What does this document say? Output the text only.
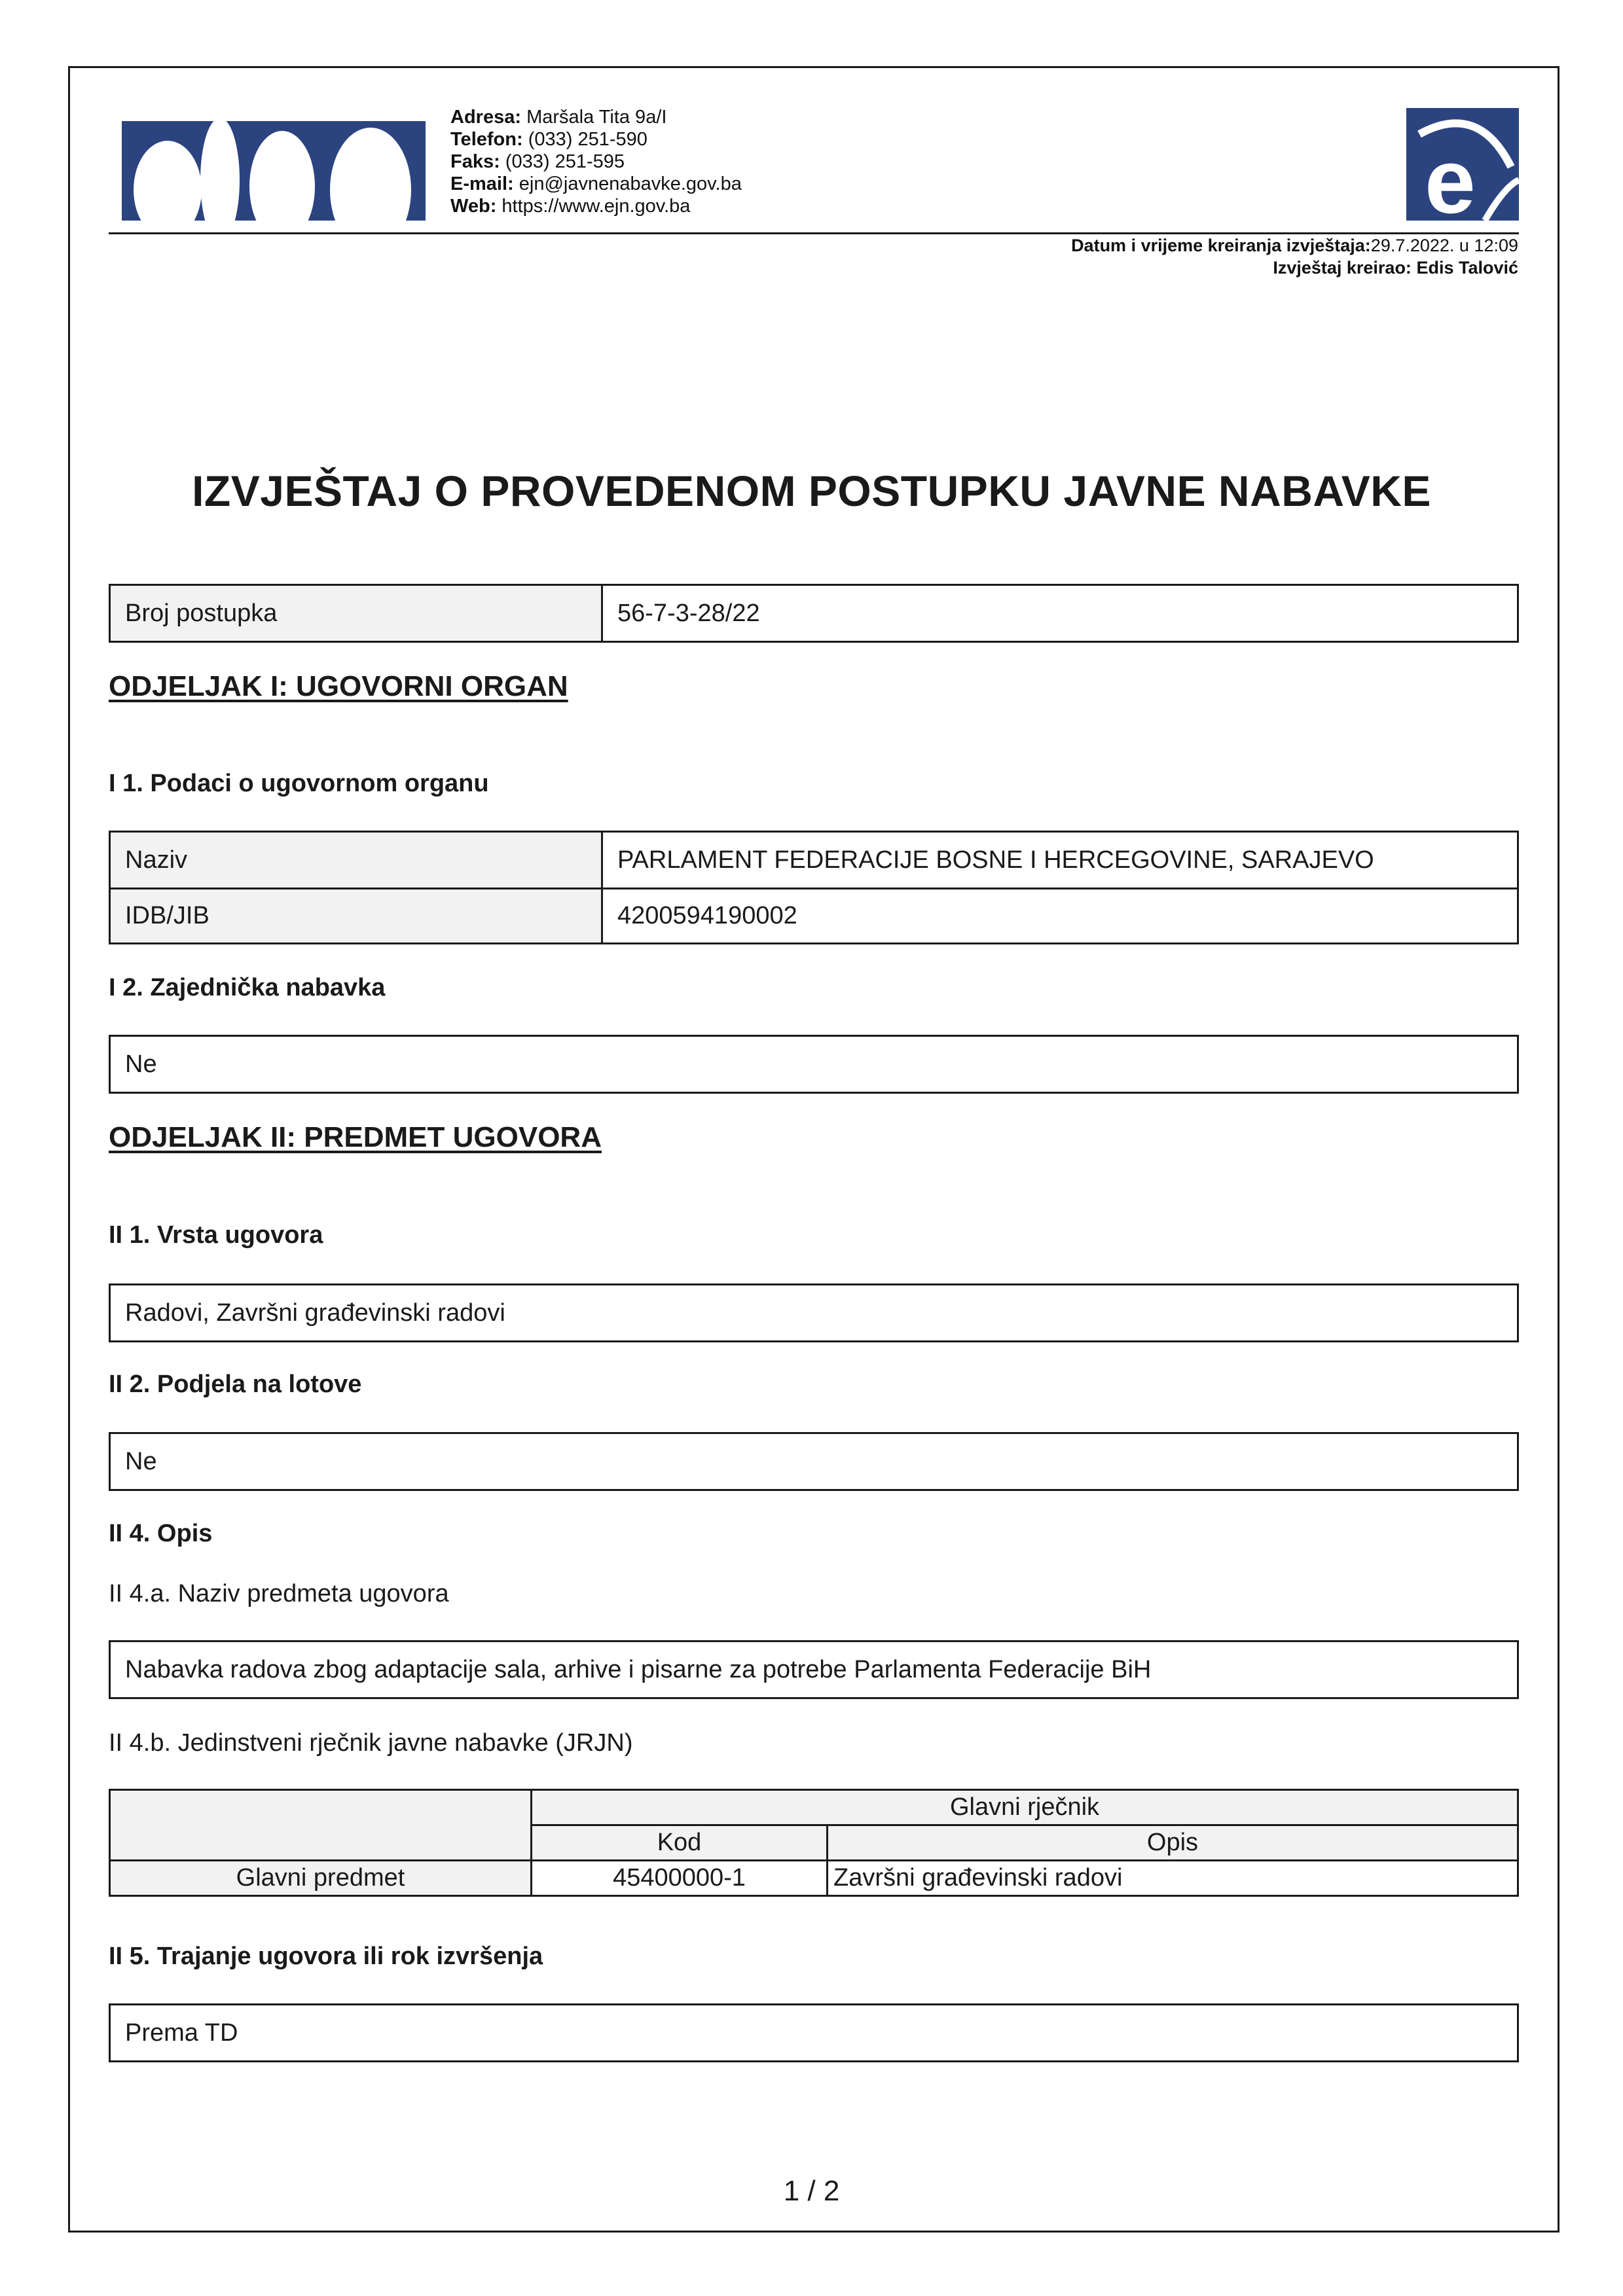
Adresa: Maršala Tita 9a/I
Telefon: (033) 251-590
Faks: (033) 251-595
E-mail: ejn@javnenabavke.gov.ba
Web: https://www.ejn.gov.ba	e
Datum i vrijeme kreiranja izvještaja:29.7.2022. u 12:09
Izvještaj kreirao: Edis Talović
IZVJEŠTAJ O PROVEDENOM POSTUPKU JAVNE NABAVKE
Broj postupka	56-7-3-28/22
ODJELJAK I: UGOVORNI ORGAN
I 1. Podaci o ugovornom organu
Naziv	PARLAMENT FEDERACIJE BOSNE I HERCEGOVINE, SARAJEVO
IDB/JIB	4200594190002
I 2. Zajednička nabavka
Ne
ODJELJAK II: PREDMET UGOVORA
II 1. Vrsta ugovora
Radovi, Završni građevinski radovi
II 2. Podjela na lotove
Ne
II 4. Opis
II 4.a. Naziv predmeta ugovora
Nabavka radova zbog adaptacije sala, arhive i pisarne za potrebe Parlamenta Federacije BiH
II 4.b. Jedinstveni rječnik javne nabavke (JRJN)
	Glavni rječnik	
	Kod	Opis
Glavni predmet	45400000-1	Završni građevinski radovi
II 5. Trajanje ugovora ili rok izvršenja
Prema TD
1 / 2
